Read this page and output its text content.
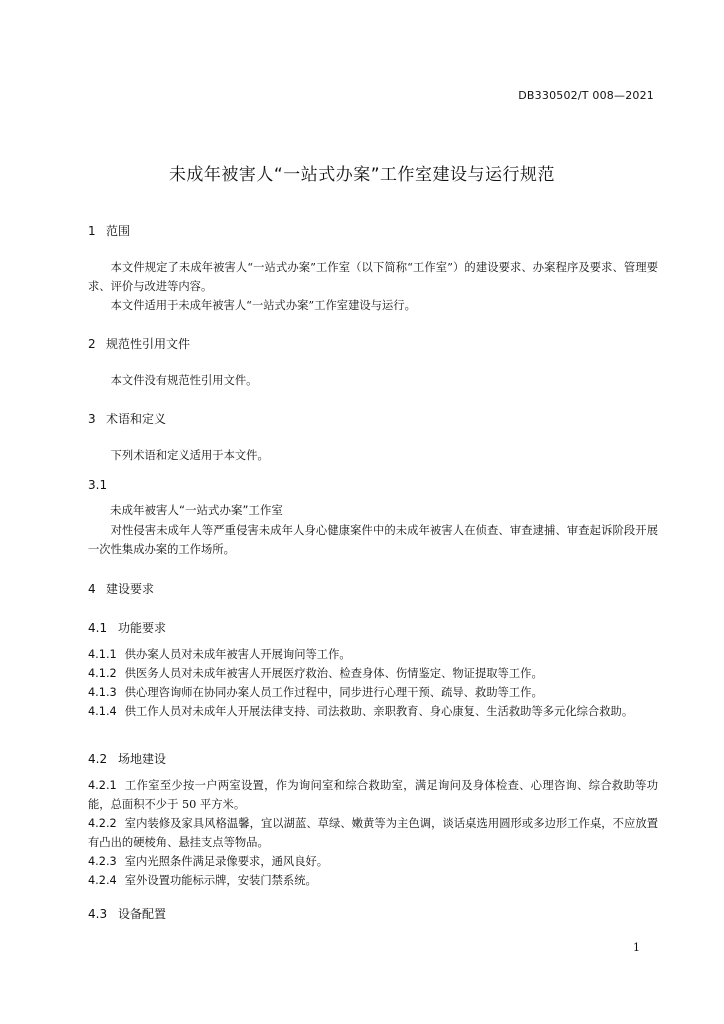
DB330502/T 008—2021
未成年被害人“一站式办案”工作室建设与运行规范
1 范围
本文件规定了未成年被害人“一站式办案”工作室（以下简称“工作室”）的建设要求、办案程序及要求、管理要求、评价与改进等内容。
本文件适用于未成年被害人“一站式办案”工作室建设与运行。
2 规范性引用文件
本文件没有规范性引用文件。
3 术语和定义
下列术语和定义适用于本文件。
3.1
未成年被害人“一站式办案”工作室
对性侵害未成年人等严重侵害未成年人身心健康案件中的未成年被害人在侦查、审查逮捕、审查起诉阶段开展一次性集成办案的工作场所。
4 建设要求
4.1 功能要求
4.1.1 供办案人员对未成年被害人开展询问等工作。
4.1.2 供医务人员对未成年被害人开展医疗救治、检查身体、伤情鉴定、物证提取等工作。
4.1.3 供心理咨询师在协同办案人员工作过程中，同步进行心理干预、疏导、救助等工作。
4.1.4 供工作人员对未成年人开展法律支持、司法救助、亲职教育、身心康复、生活救助等多元化综合救助。
4.2 场地建设
4.2.1 工作室至少按一户两室设置，作为询问室和综合救助室，满足询问及身体检查、心理咨询、综合救助等功能，总面积不少于 50 平方米。
4.2.2 室内装修及家具风格温馨，宜以湖蓝、草绿、嫩黄等为主色调，谈话桌选用圆形或多边形工作桌，不应放置有凸出的硬棱角、悬挂支点等物品。
4.2.3 室内光照条件满足录像要求，通风良好。
4.2.4 室外设置功能标示牌，安装门禁系统。
4.3 设备配置
1
